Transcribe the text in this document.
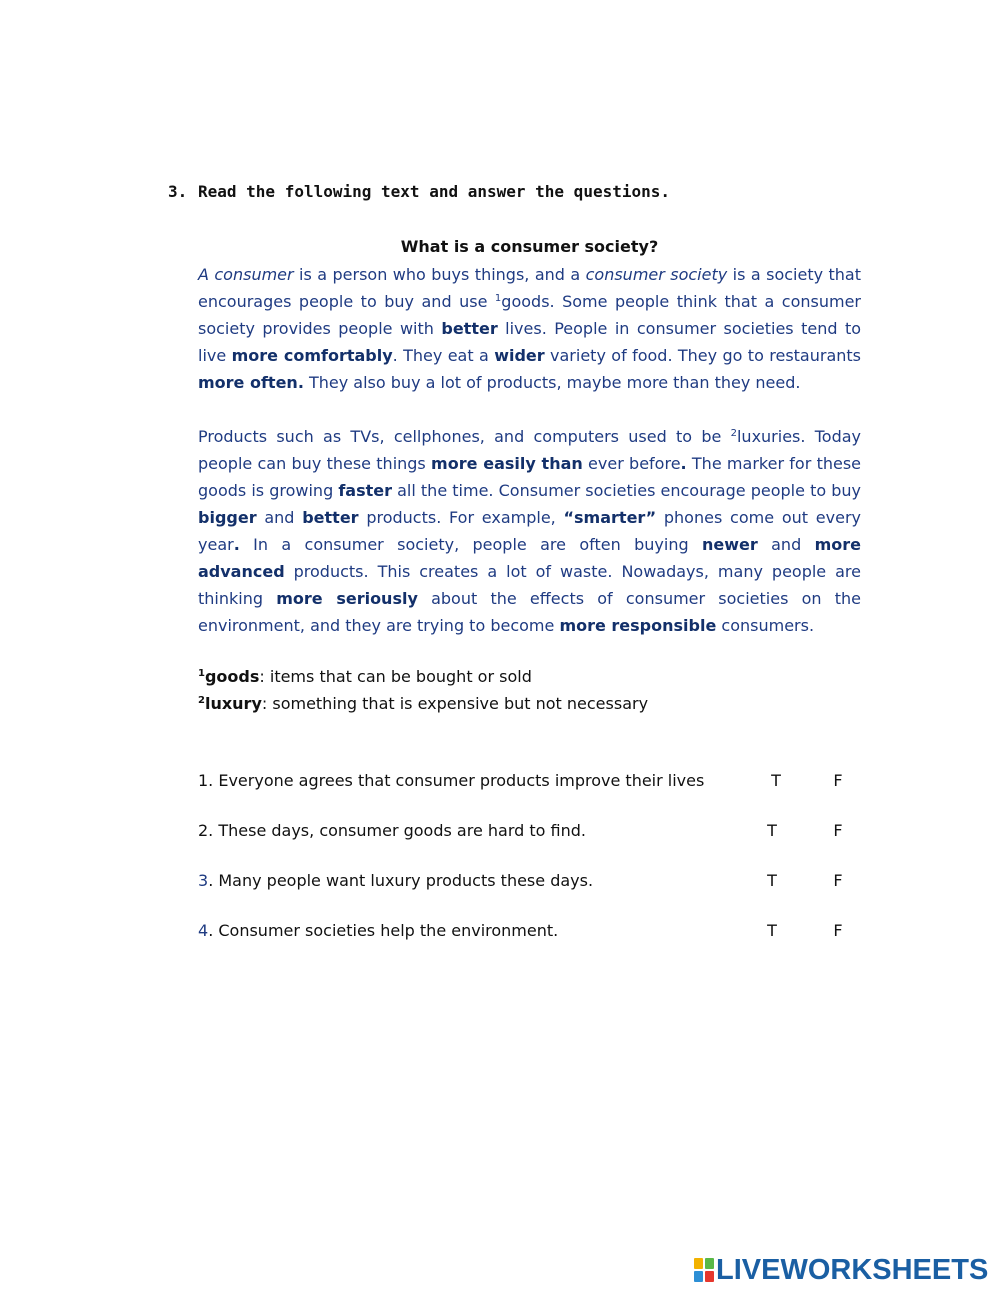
3. Read the following text and answer the questions.
What is a consumer society?
A consumer is a person who buys things, and a consumer society is a society that encourages people to buy and use $^1$goods. Some people think that a consumer society provides people with better lives. People in consumer societies tend to live more comfortably. They eat a wider variety of food. They go to restaurants more often. They also buy a lot of products, maybe more than they need.
Products such as TVs, cellphones, and computers used to be $^2$luxuries. Today people can buy these things more easily than ever before. The marker for these goods is growing faster all the time. Consumer societies encourage people to buy bigger and better products. For example, “smarter” phones come out every year. In a consumer society, people are often buying newer and more advanced products. This creates a lot of waste. Nowadays, many people are thinking more seriously about the effects of consumer societies on the environment, and they are trying to become more responsible consumers.
$^1$goods: items that can be bought or sold
$^2$luxury: something that is expensive but not necessary
1. Everyone agrees that consumer products improve their lives	T	F
2. These days, consumer goods are hard to find.	T	F
3. Many people want luxury products these days.	T	F
4. Consumer societies help the environment.	T	F
LIVEWORKSHEETS
